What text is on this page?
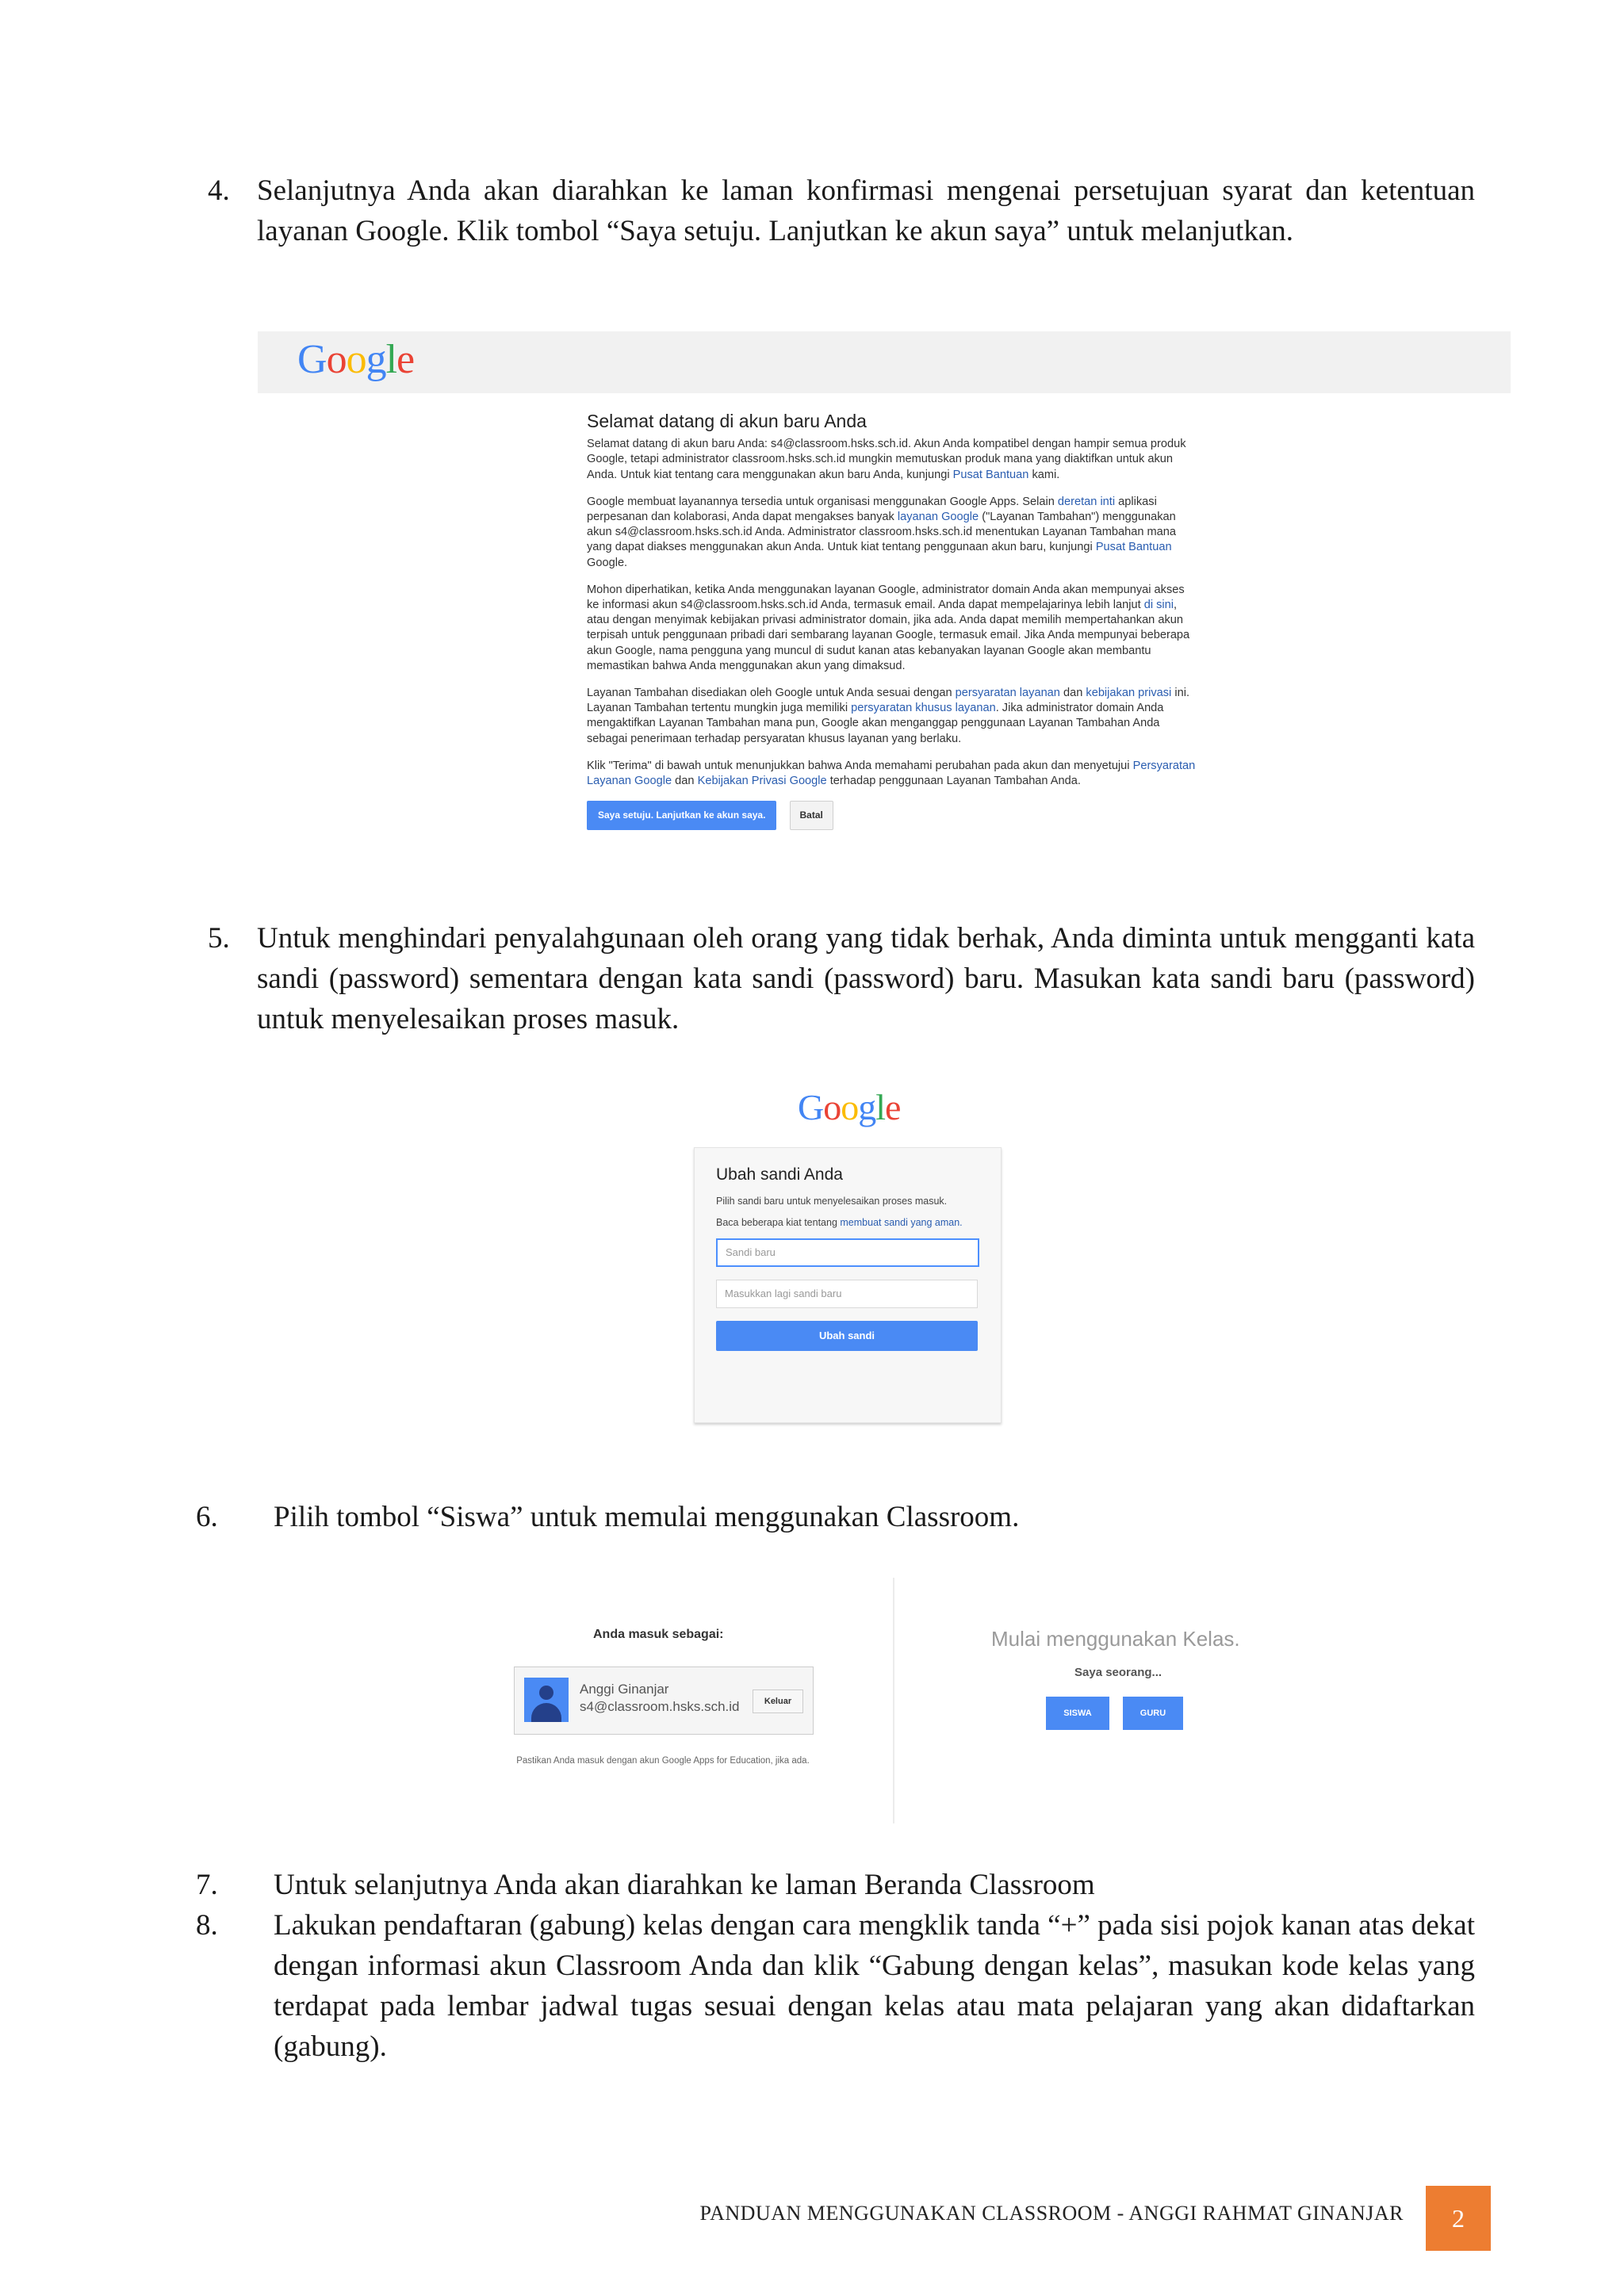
4. Selanjutnya Anda akan diarahkan ke laman konfirmasi mengenai persetujuan syarat dan ketentuan layanan Google. Klik tombol “Saya setuju. Lanjutkan ke akun saya” untuk melanjutkan.
Google
Selamat datang di akun baru Anda

Selamat datang di akun baru Anda: s4@classroom.hsks.sch.id. Akun Anda kompatibel dengan hampir semua produk Google, tetapi administrator classroom.hsks.sch.id mungkin memutuskan produk mana yang diaktifkan untuk akun Anda. Untuk kiat tentang cara menggunakan akun baru Anda, kunjungi Pusat Bantuan kami.

Google membuat layanannya tersedia untuk organisasi menggunakan Google Apps. Selain deretan inti aplikasi perpesanan dan kolaborasi, Anda dapat mengakses banyak layanan Google ("Layanan Tambahan") menggunakan akun s4@classroom.hsks.sch.id Anda. Administrator classroom.hsks.sch.id menentukan Layanan Tambahan mana yang dapat diakses menggunakan akun Anda. Untuk kiat tentang penggunaan akun baru, kunjungi Pusat Bantuan Google.

Mohon diperhatikan, ketika Anda menggunakan layanan Google, administrator domain Anda akan mempunyai akses ke informasi akun s4@classroom.hsks.sch.id Anda, termasuk email. Anda dapat mempelajarinya lebih lanjut di sini, atau dengan menyimak kebijakan privasi administrator domain, jika ada. Anda dapat memilih mempertahankan akun terpisah untuk penggunaan pribadi dari sembarang layanan Google, termasuk email. Jika Anda mempunyai beberapa akun Google, nama pengguna yang muncul di sudut kanan atas kebanyakan layanan Google akan membantu memastikan bahwa Anda menggunakan akun yang dimaksud.

Layanan Tambahan disediakan oleh Google untuk Anda sesuai dengan persyaratan layanan dan kebijakan privasi ini. Layanan Tambahan tertentu mungkin juga memiliki persyaratan khusus layanan. Jika administrator domain Anda mengaktifkan Layanan Tambahan mana pun, Google akan menganggap penggunaan Layanan Tambahan Anda sebagai penerimaan terhadap persyaratan khusus layanan yang berlaku.

Klik "Terima" di bawah untuk menunjukkan bahwa Anda memahami perubahan pada akun dan menyetujui Persyaratan Layanan Google dan Kebijakan Privasi Google terhadap penggunaan Layanan Tambahan Anda.

Saya setuju. Lanjutkan ke akun saya.	Batal
5. Untuk menghindari penyalahgunaan oleh orang yang tidak berhak, Anda diminta untuk mengganti kata sandi (password) sementara dengan kata sandi (password) baru. Masukan kata sandi baru (password) untuk menyelesaikan proses masuk.
Google
Ubah sandi Anda

Pilih sandi baru untuk menyelesaikan proses masuk.

Baca beberapa kiat tentang membuat sandi yang aman.

Sandi baru
Masukkan lagi sandi baru
Ubah sandi
6. Pilih tombol “Siswa” untuk memulai menggunakan Classroom.
Anda masuk sebagai:
Anggi Ginanjar
s4@classroom.hsks.sch.id	Keluar
Pastikan Anda masuk dengan akun Google Apps for Education, jika ada.
Mulai menggunakan Kelas.
Saya seorang...
SISWA	GURU
7. Untuk selanjutnya Anda akan diarahkan ke laman Beranda Classroom
8. Lakukan pendaftaran (gabung) kelas dengan cara mengklik tanda “+” pada sisi pojok kanan atas dekat dengan informasi akun Classroom Anda dan klik “Gabung dengan kelas”, masukan kode kelas yang terdapat pada lembar jadwal tugas sesuai dengan kelas atau mata pelajaran yang akan didaftarkan (gabung).
PANDUAN MENGGUNAKAN CLASSROOM - ANGGI RAHMAT GINANJAR	2
